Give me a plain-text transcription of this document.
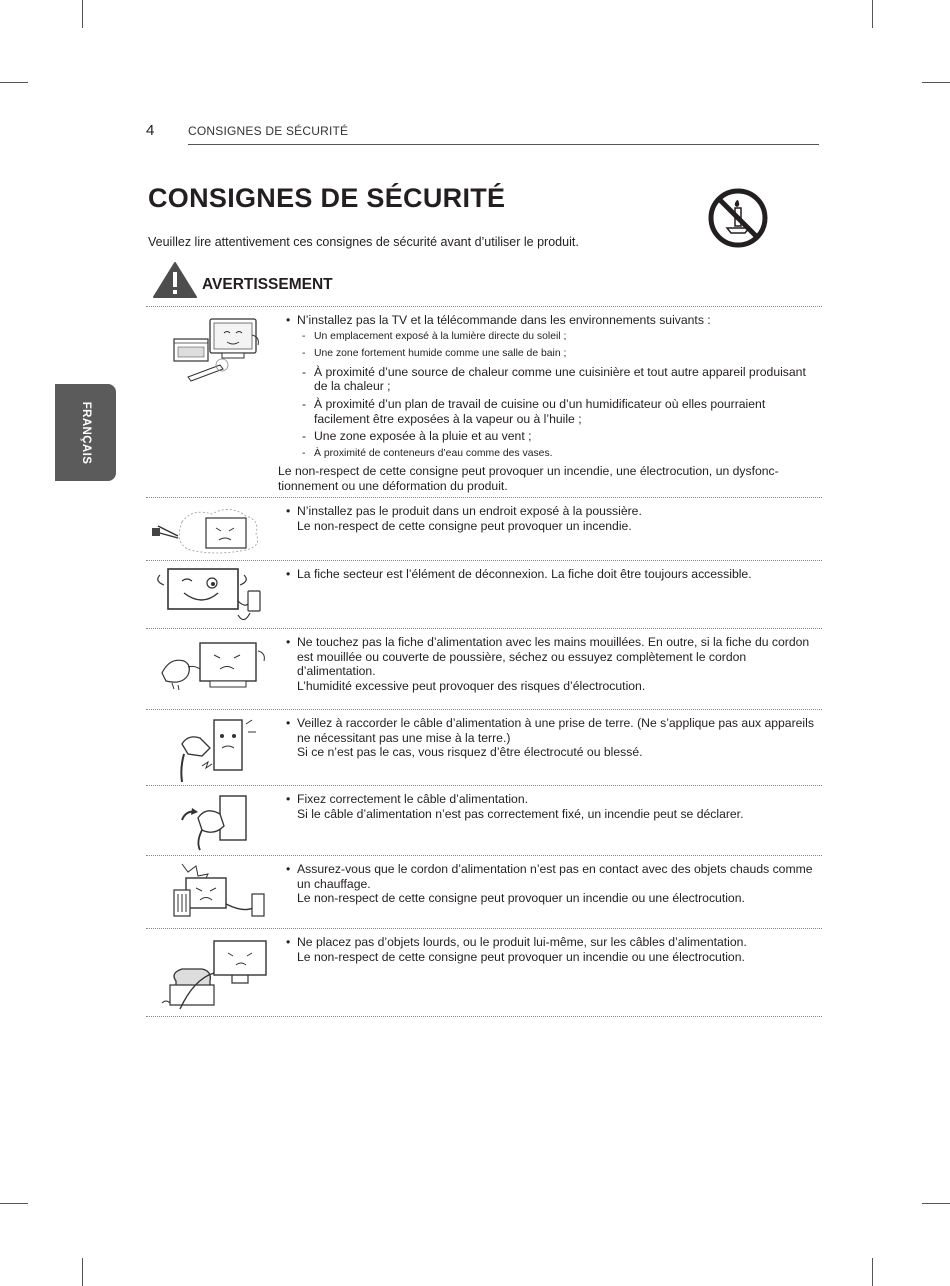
4	CONSIGNES DE SÉCURITÉ
CONSIGNES DE SÉCURITÉ

Veuillez lire attentivement ces consignes de sécurité avant d’utiliser le produit.

AVERTISSEMENT
FRANÇAIS

• N’installez pas la TV et la télécommande dans les environnements suivants :

- Un emplacement exposé à la lumière directe du soleil ;

- Une zone fortement humide comme une salle de bain ;

- À proximité d’une source de chaleur comme une cuisinière et tout autre appareil produisant de la chaleur ;

- À proximité d’un plan de travail de cuisine ou d’un humidificateur où elles pourraient facilement être exposées à la vapeur ou à l’huile ;

- Une zone exposée à la pluie et au vent ;

- À proximité de conteneurs d’eau comme des vases.

Le non-respect de cette consigne peut provoquer un incendie, une électrocution, un dysfonc-tionnement ou une déformation du produit.

• N’installez pas le produit dans un endroit exposé à la poussière.

Le non-respect de cette consigne peut provoquer un incendie.

• La fiche secteur est l’élément de déconnexion. La fiche doit être toujours accessible.

• Ne touchez pas la fiche d’alimentation avec les mains mouillées. En outre, si la fiche du cordon est mouillée ou couverte de poussière, séchez ou essuyez complètement le cordon d’alimentation.

L’humidité excessive peut provoquer des risques d’électrocution.

• Veillez à raccorder le câble d’alimentation à une prise de terre. (Ne s’applique pas aux appareils ne nécessitant pas une mise à la terre.)

Si ce n’est pas le cas, vous risquez d’être électrocuté ou blessé.

• Fixez correctement le câble d’alimentation.

Si le câble d’alimentation n’est pas correctement fixé, un incendie peut se déclarer.

• Assurez-vous que le cordon d’alimentation n’est pas en contact avec des objets chauds comme un chauffage.

Le non-respect de cette consigne peut provoquer un incendie ou une électrocution.

• Ne placez pas d’objets lourds, ou le produit lui-même, sur les câbles d’alimentation.

Le non-respect de cette consigne peut provoquer un incendie ou une électrocution.
